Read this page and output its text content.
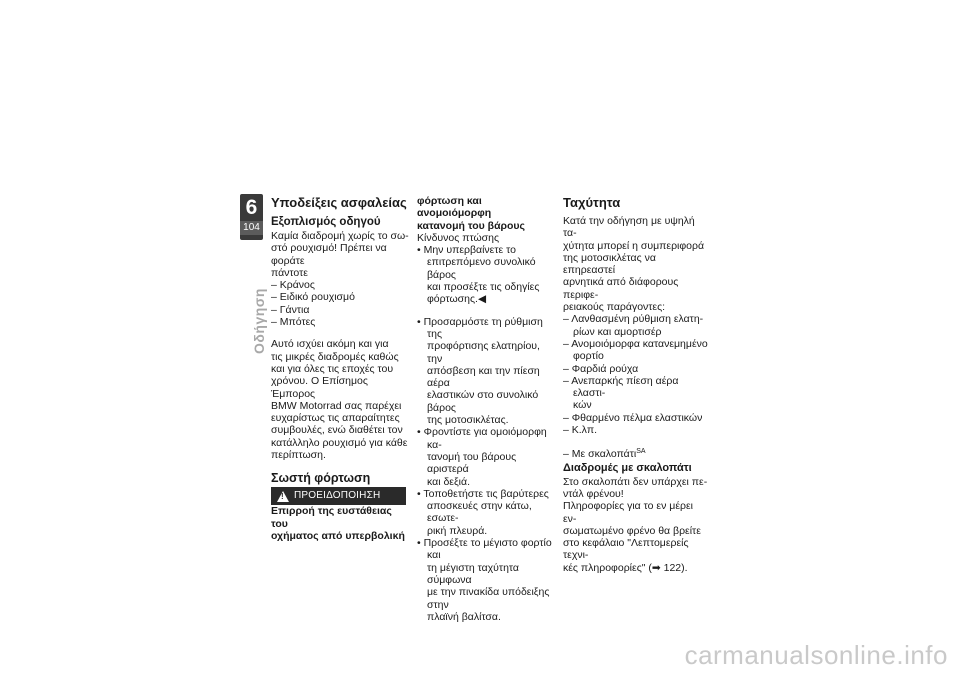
6
104
Οδήγηση
Υποδείξεις ασφαλείας
Εξοπλισμός οδηγού
Καμία διαδρομή χωρίς το σω-
στό ρουχισμό! Πρέπει να φοράτε
πάντοτε
– Κράνος
– Ειδικό ρουχισμό
– Γάντια
– Μπότες
Αυτό ισχύει ακόμη και για
τις μικρές διαδρομές καθώς
και για όλες τις εποχές του
χρόνου. Ο Επίσημος Έμπορος
BMW Motorrad σας παρέχει
ευχαρίστως τις απαραίτητες
συμβουλές, ενώ διαθέτει τον
κατάλληλο ρουχισμό για κάθε
περίπτωση.
Σωστή φόρτωση
!
ΠΡΟΕΙΔΟΠΟΙΗΣΗ
Επιρροή της ευστάθειας του
οχήματος από υπερβολική
φόρτωση και ανομοιόμορφη
κατανομή του βάρους
Κίνδυνος πτώσης
• Μην υπερβαίνετε το
επιτρεπόμενο συνολικό βάρος
και προσέξτε τις οδηγίες
φόρτωσης.◀
• Προσαρμόστε τη ρύθμιση της
προφόρτισης ελατηρίου, την
απόσβεση και την πίεση αέρα
ελαστικών στο συνολικό βάρος
της μοτοσικλέτας.
• Φροντίστε για ομοιόμορφη κα-
τανομή του βάρους αριστερά
και δεξιά.
• Τοποθετήστε τις βαρύτερες
αποσκευές στην κάτω, εσωτε-
ρική πλευρά.
• Προσέξτε το μέγιστο φορτίο και
τη μέγιστη ταχύτητα σύμφωνα
με την πινακίδα υπόδειξης στην
πλαϊνή βαλίτσα.
Ταχύτητα
Κατά την οδήγηση με υψηλή τα-
χύτητα μπορεί η συμπεριφορά
της μοτοσικλέτας να επηρεαστεί
αρνητικά από διάφορους περιφε-
ρειακούς παράγοντες:
– Λανθασμένη ρύθμιση ελατη-
ρίων και αμορτισέρ
– Ανομοιόμορφα κατανεμημένο
φορτίο
– Φαρδιά ρούχα
– Ανεπαρκής πίεση αέρα ελαστι-
κών
– Φθαρμένο πέλμα ελαστικών
– Κ.λπ.
– Με σκαλοπάτι$^{SA}$
Διαδρομές με σκαλοπάτι
Στο σκαλοπάτι δεν υπάρχει πε-
ντάλ φρένου!
Πληροφορίες για το εν μέρει εν-
σωματωμένο φρένο θα βρείτε
στο κεφάλαιο "Λεπτομερείς τεχνι-
κές πληροφορίες" (➡ 122).
carmanualsonline.info
